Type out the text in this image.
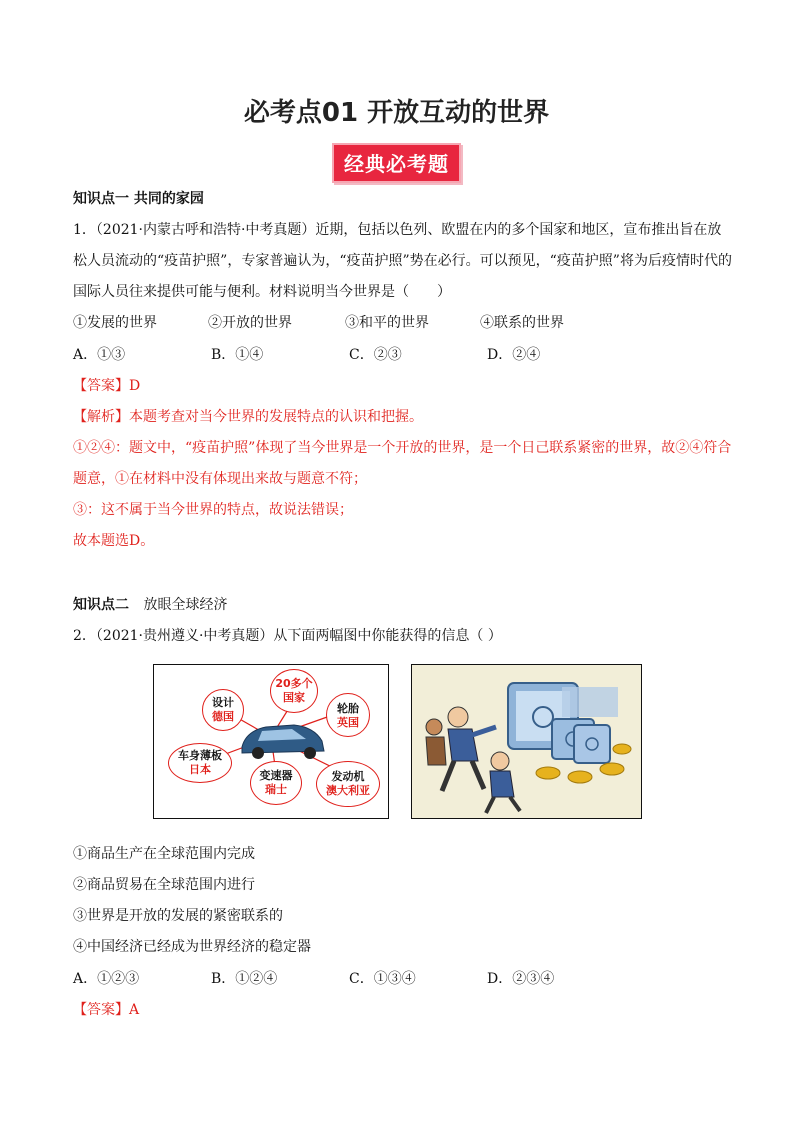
必考点01 开放互动的世界
经典必考题
知识点一 共同的家园
1．（2021·内蒙古呼和浩特·中考真题）近期，包括以色列、欧盟在内的多个国家和地区，宣布推出旨在放
松人员流动的“疫苗护照”，专家普遍认为，“疫苗护照”势在必行。可以预见，“疫苗护照”将为后疫情时代的
国际人员往来提供可能与便利。材料说明当今世界是（　　）
①发展的世界	②开放的世界	③和平的世界	④联系的世界
A．①③	B．①④	C．②③	D．②④
【答案】D
【解析】本题考查对当今世界的发展特点的认识和把握。
①②④：题文中，“疫苗护照”体现了当今世界是一个开放的世界，是一个日己联系紧密的世界，故②④符合
题意，①在材料中没有体现出来故与题意不符；
③：这不属于当今世界的特点，故说法错误；
故本题选D。
知识点二 放眼全球经济
2．（2021·贵州遵义·中考真题）从下面两幅图中你能获得的信息（ ）
设计
德国
20多个
国家
轮胎
英国
车身薄板
日本	变速器
瑞士
发动机
澳大利亚
①商品生产在全球范围内完成
②商品贸易在全球范围内进行
③世界是开放的发展的紧密联系的
④中国经济已经成为世界经济的稳定器
A．①②③	B．①②④	C．①③④	D．②③④
【答案】A
